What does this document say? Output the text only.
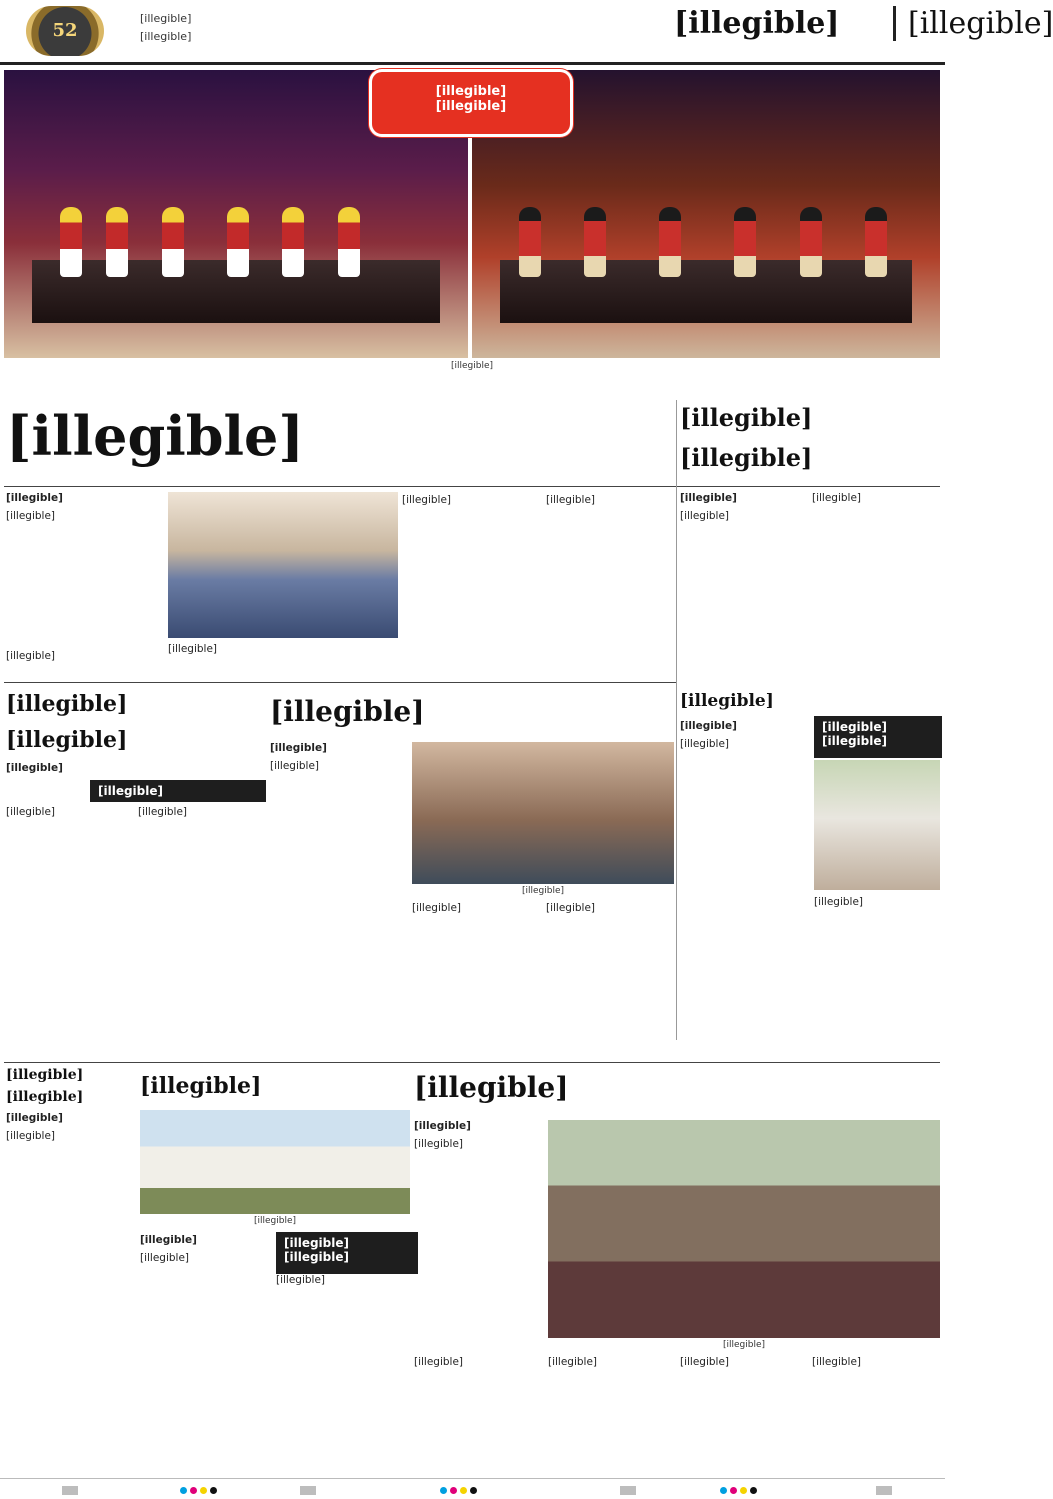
52
[illegible]
[illegible]	[illegible]	[illegible]
[illegible]
[illegible]
[illegible]
[illegible]	[illegible]
[illegible]
[illegible]
[illegible]
[illegible]
[illegible]	[illegible]
[illegible]
[illegible]
[illegible]
[illegible]
[illegible]
[illegible]	[illegible]
[illegible]
[illegible]
[illegible]
[illegible]
[illegible]
[illegible]
[illegible]
[illegible]	[illegible]
[illegible]
[illegible]
[illegible]
[illegible]
[illegible]	[illegible]
[illegible]
[illegible]
[illegible]
[illegible]
[illegible]
[illegible]
[illegible]
[illegible]
[illegible]
[illegible]
[illegible]
[illegible]
[illegible]
[illegible]
[illegible]
[illegible]	[illegible]	[illegible]	[illegible]
